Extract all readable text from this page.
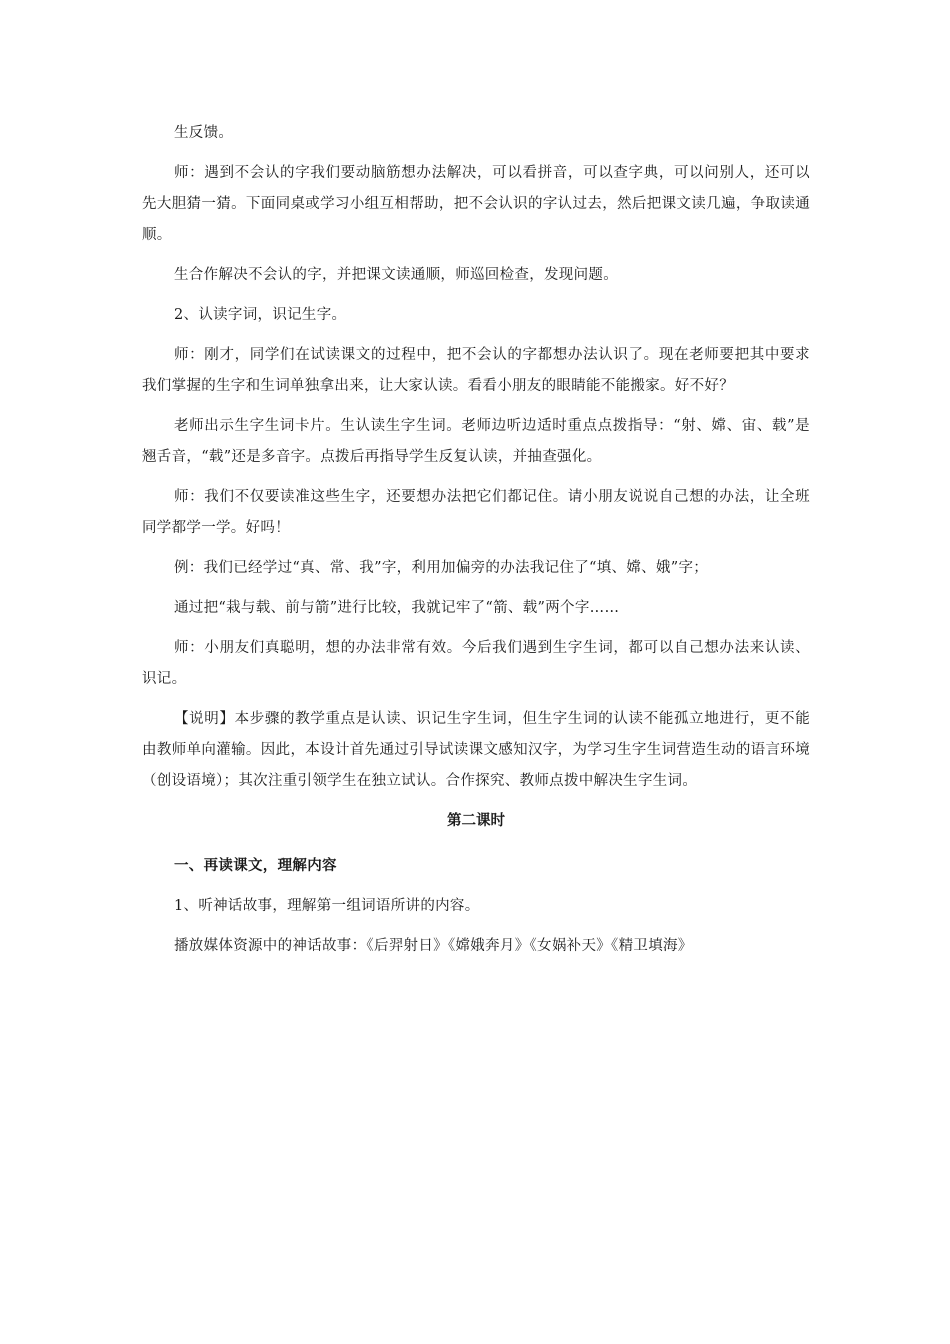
生反馈。

师：遇到不会认的字我们要动脑筋想办法解决，可以看拼音，可以查字典，可以问别人，还可以先大胆猜一猜。下面同桌或学习小组互相帮助，把不会认识的字认过去，然后把课文读几遍，争取读通顺。

生合作解决不会认的字，并把课文读通顺，师巡回检查，发现问题。

2、认读字词，识记生字。

师：刚才，同学们在试读课文的过程中，把不会认的字都想办法认识了。现在老师要把其中要求我们掌握的生字和生词单独拿出来，让大家认读。看看小朋友的眼睛能不能搬家。好不好？

老师出示生字生词卡片。生认读生字生词。老师边听边适时重点点拨指导：“射、嫦、宙、载”是翘舌音，“载”还是多音字。点拨后再指导学生反复认读，并抽查强化。

师：我们不仅要读准这些生字，还要想办法把它们都记住。请小朋友说说自己想的办法，让全班同学都学一学。好吗！

例：我们已经学过“真、常、我”字，利用加偏旁的办法我记住了“填、嫦、娥”字；

通过把“栽与载、前与箭”进行比较，我就记牢了“箭、载”两个字……

师：小朋友们真聪明，想的办法非常有效。今后我们遇到生字生词，都可以自己想办法来认读、识记。

【说明】本步骤的教学重点是认读、识记生字生词，但生字生词的认读不能孤立地进行，更不能由教师单向灌输。因此，本设计首先通过引导试读课文感知汉字，为学习生字生词营造生动的语言环境（创设语境）；其次注重引领学生在独立试认。合作探究、教师点拨中解决生字生词。

第二课时

一、再读课文，理解内容

1、听神话故事，理解第一组词语所讲的内容。

播放媒体资源中的神话故事：《后羿射日》《嫦娥奔月》《女娲补天》《精卫填海》
